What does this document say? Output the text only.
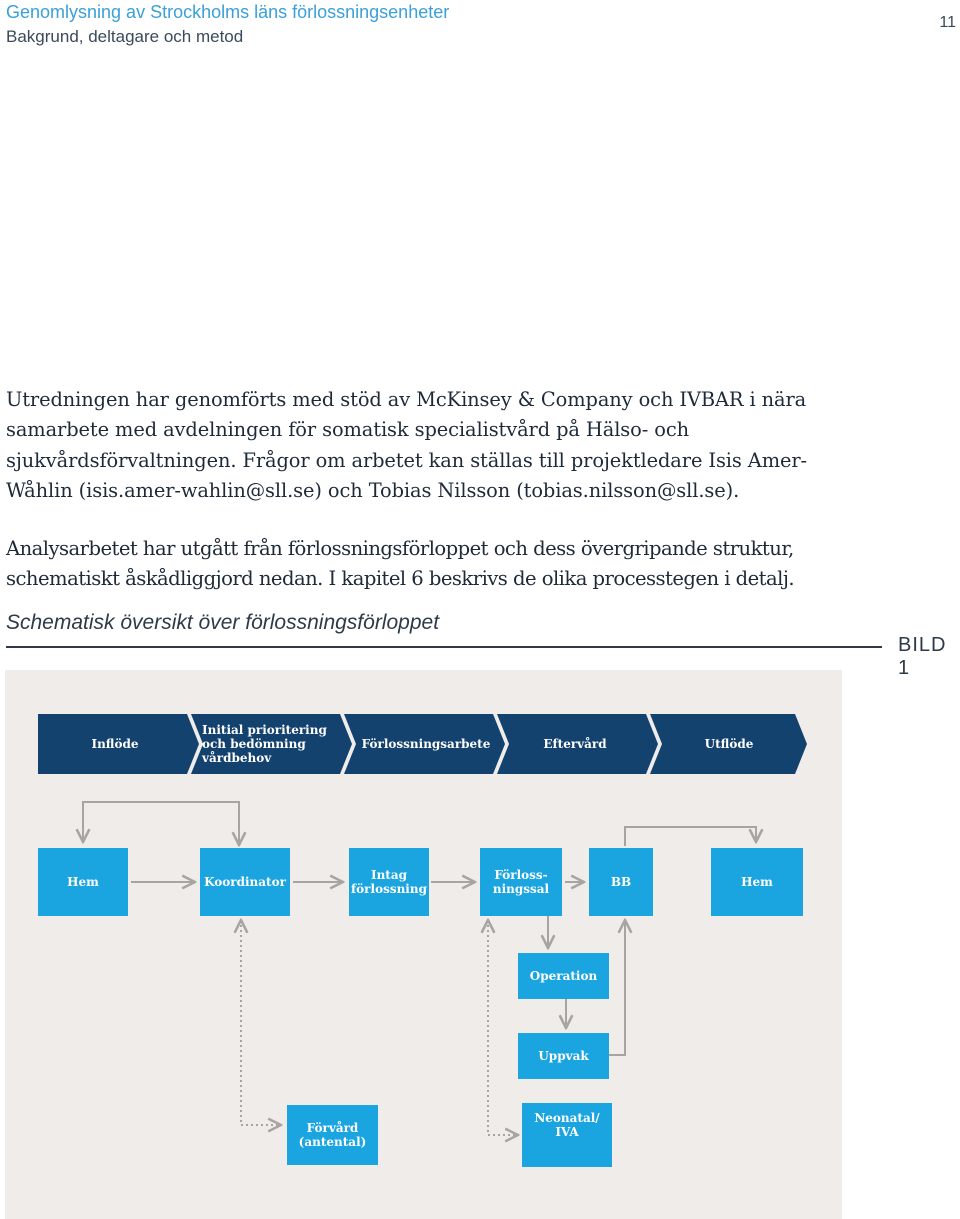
Genomlysning av Strockholms läns förlossningsenheter
Bakgrund, deltagare och metod
11

Utredningen har genomförts med stöd av McKinsey & Company och IVBAR i nära samarbete med avdelningen för somatisk specialistvård på Hälso- och sjukvårdsförvaltningen. Frågor om arbetet kan ställas till projektledare Isis Amer-Wåhlin (isis.amer-wahlin@sll.se) och Tobias Nilsson (tobias.nilsson@sll.se).

Analysarbetet har utgått från förlossningsförloppet och dess övergripande struktur, schematiskt åskådliggjord nedan. I kapitel 6 beskrivs de olika processtegen i detalj.

Schematisk översikt över förlossningsförloppet
BILD 1
Inflöde
Initial prioritering
och bedömning
vårdbehov
Förlossningsarbete	Eftervård	Utflöde
Hem	Koordinator	Intag
förlossning
Förloss-
ningssal	BB	Hem
Operation
Uppvak
Förvård
(antental)
Neonatal/
IVA
